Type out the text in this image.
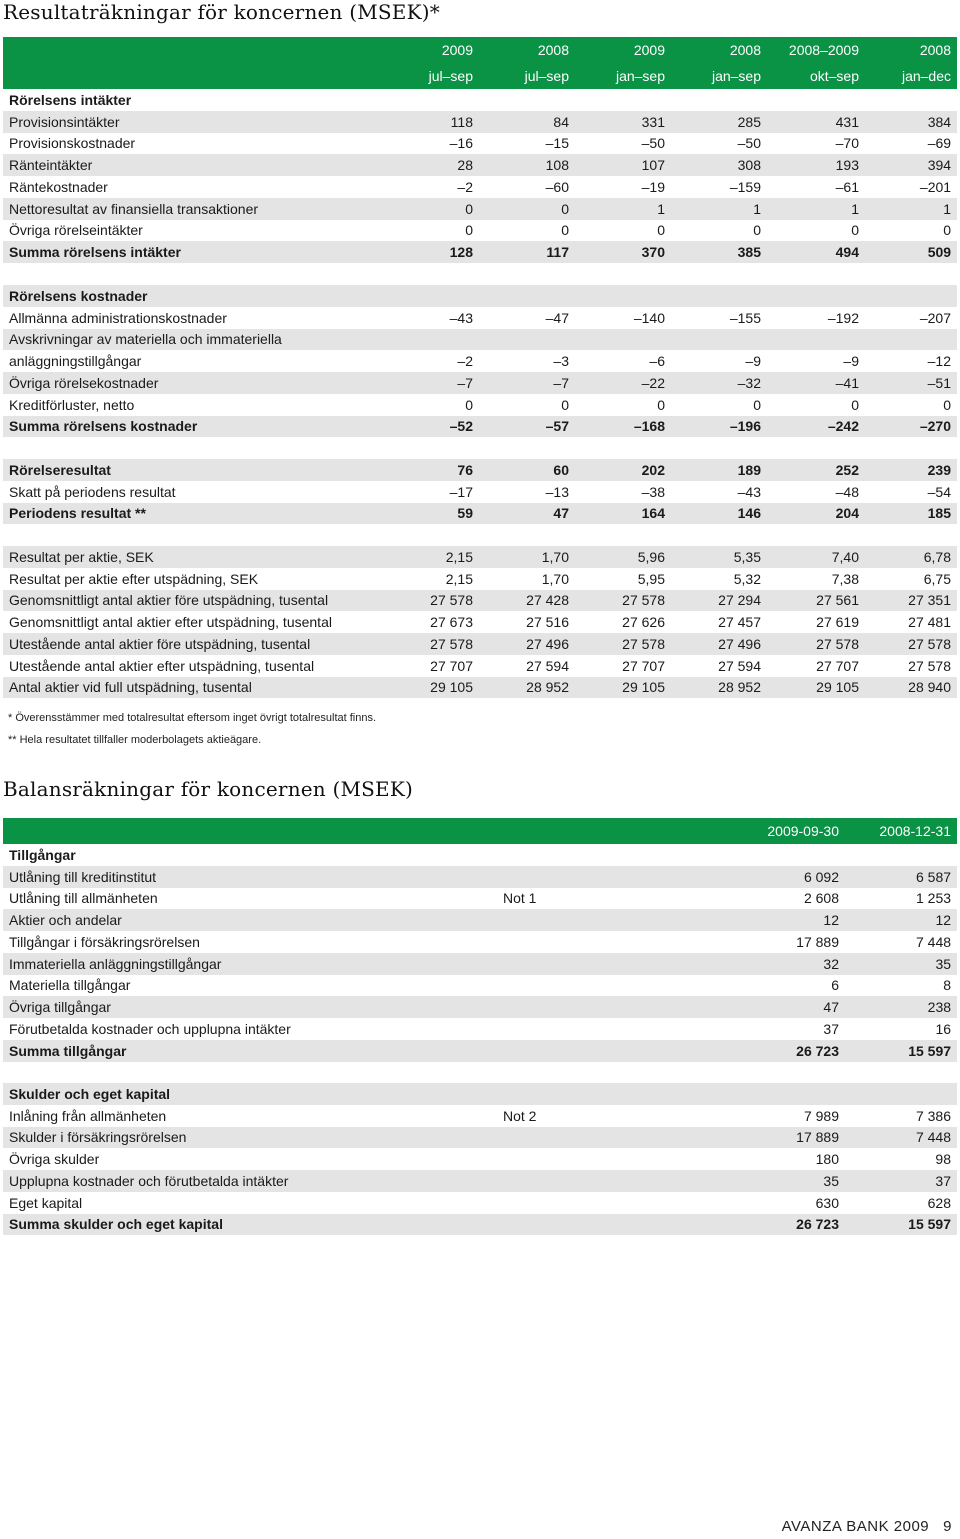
Resultaträkningar för koncernen (MSEK)*
	2009	2008	2009	2008	2008–2009	2008
	jul–sep	jul–sep	jan–sep	jan–sep	okt–sep	jan–dec
Rörelsens intäkter						
Provisionsintäkter	118	84	331	285	431	384
Provisionskostnader	–16	–15	–50	–50	–70	–69
Ränteintäkter	28	108	107	308	193	394
Räntekostnader	–2	–60	–19	–159	–61	–201
Nettoresultat av finansiella transaktioner	0	0	1	1	1	1
Övriga rörelseintäkter	0	0	0	0	0	0
Summa rörelsens intäkter	128	117	370	385	494	509
Rörelsens kostnader						
Allmänna administrationskostnader	–43	–47	–140	–155	–192	–207
Avskrivningar av materiella och immateriella						
anläggningstillgångar	–2	–3	–6	–9	–9	–12
Övriga rörelsekostnader	–7	–7	–22	–32	–41	–51
Kreditförluster, netto	0	0	0	0	0	0
Summa rörelsens kostnader	–52	–57	–168	–196	–242	–270
Rörelseresultat	76	60	202	189	252	239
Skatt på periodens resultat	–17	–13	–38	–43	–48	–54
Periodens resultat **	59	47	164	146	204	185
Resultat per aktie, SEK	2,15	1,70	5,96	5,35	7,40	6,78
Resultat per aktie efter utspädning, SEK	2,15	1,70	5,95	5,32	7,38	6,75
Genomsnittligt antal aktier före utspädning, tusental	27 578	27 428	27 578	27 294	27 561	27 351
Genomsnittligt antal aktier efter utspädning, tusental	27 673	27 516	27 626	27 457	27 619	27 481
Utestående antal aktier före utspädning, tusental	27 578	27 496	27 578	27 496	27 578	27 578
Utestående antal aktier efter utspädning, tusental	27 707	27 594	27 707	27 594	27 707	27 578
Antal aktier vid full utspädning, tusental	29 105	28 952	29 105	28 952	29 105	28 940
* Överensstämmer med totalresultat eftersom inget övrigt totalresultat finns.
** Hela resultatet tillfaller moderbolagets aktieägare.
Balansräkningar för koncernen (MSEK)
		2009-09-30	2008-12-31
Tillgångar			
Utlåning till kreditinstitut		6 092	6 587
Utlåning till allmänheten	Not 1	2 608	1 253
Aktier och andelar		12	12
Tillgångar i försäkringsrörelsen		17 889	7 448
Immateriella anläggningstillgångar		32	35
Materiella tillgångar		6	8
Övriga tillgångar		47	238
Förutbetalda kostnader och upplupna intäkter		37	16
Summa tillgångar		26 723	15 597
Skulder och eget kapital			
Inlåning från allmänheten	Not 2	7 989	7 386
Skulder i försäkringsrörelsen		17 889	7 448
Övriga skulder		180	98
Upplupna kostnader och förutbetalda intäkter		35	37
Eget kapital		630	628
Summa skulder och eget kapital		26 723	15 597
AVANZA BANK 2009 9
